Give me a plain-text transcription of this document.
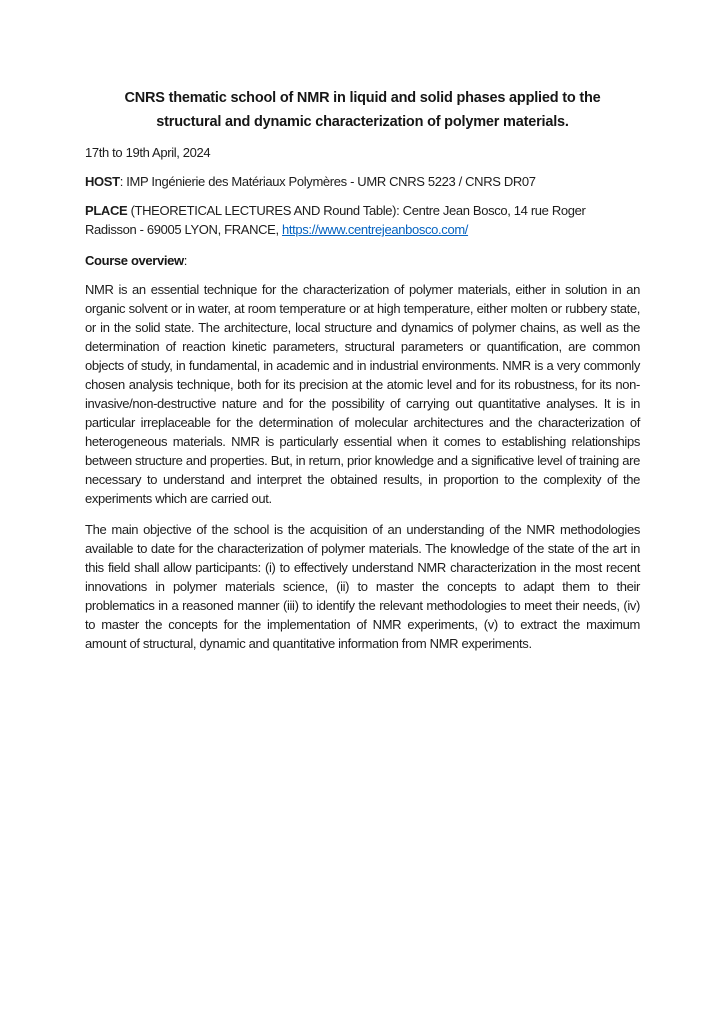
CNRS thematic school of NMR in liquid and solid phases applied to the
structural and dynamic characterization of polymer materials.

17th to 19th April, 2024

HOST: IMP Ingénierie des Matériaux Polymères - UMR CNRS 5223 / CNRS DR07

PLACE (THEORETICAL LECTURES AND Round Table): Centre Jean Bosco, 14 rue Roger Radisson - 69005 LYON, FRANCE, https://www.centrejeanbosco.com/

Course overview:

NMR is an essential technique for the characterization of polymer materials, either in solution in an organic solvent or in water, at room temperature or at high temperature, either molten or rubbery state, or in the solid state. The architecture, local structure and dynamics of polymer chains, as well as the determination of reaction kinetic parameters, structural parameters or quantification, are common objects of study, in fundamental, in academic and in industrial environments. NMR is a very commonly chosen analysis technique, both for its precision at the atomic level and for its robustness, for its non-invasive/non-destructive nature and for the possibility of carrying out quantitative analyses. It is in particular irreplaceable for the determination of molecular architectures and the characterization of heterogeneous materials. NMR is particularly essential when it comes to establishing relationships between structure and properties. But, in return, prior knowledge and a significative level of training are necessary to understand and interpret the obtained results, in proportion to the complexity of the experiments which are carried out.

The main objective of the school is the acquisition of an understanding of the NMR methodologies available to date for the characterization of polymer materials. The knowledge of the state of the art in this field shall allow participants: (i) to effectively understand NMR characterization in the most recent innovations in polymer materials science, (ii) to master the concepts to adapt them to their problematics in a reasoned manner (iii) to identify the relevant methodologies to meet their needs, (iv) to master the concepts for the implementation of NMR experiments, (v) to extract the maximum amount of structural, dynamic and quantitative information from NMR experiments.
